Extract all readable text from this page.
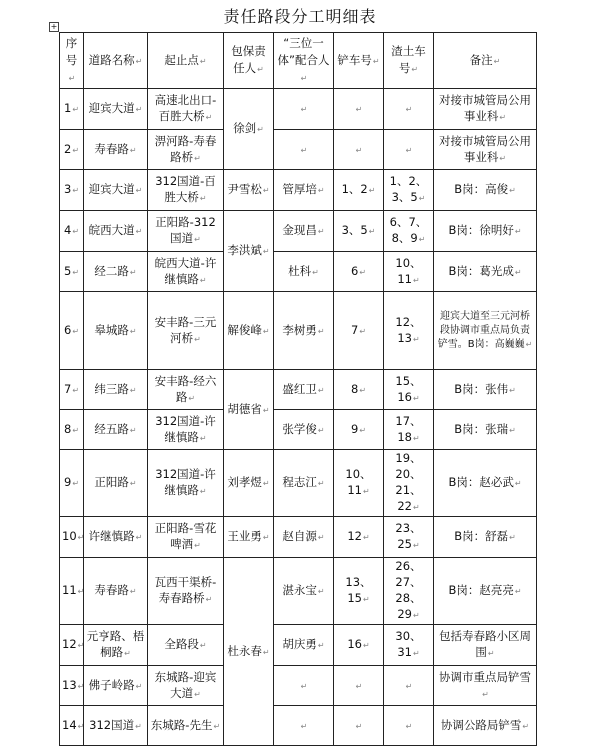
责任路段分工明细表
+
序号 ↵	道路名称 ↵	起止点 ↵	包保责任人 ↵	“三位一体”配合人 ↵	铲车号 ↵	渣土车号 ↵	备注 ↵
1 ↵	迎宾大道 ↵	高速北出口-百胜大桥 ↵	徐剑 ↵	↵	↵	↵	对接市城管局公用事业科 ↵
2 ↵	寿春路 ↵	淠河路-寿春路桥 ↵	↵	↵	↵		对接市城管局公用事业科 ↵
3 ↵	迎宾大道 ↵	312国道-百胜大桥 ↵	尹雪松 ↵	管厚培 ↵	1、2 ↵	1、2、3、5 ↵	B岗：高俊 ↵
4 ↵	皖西大道 ↵	正阳路-312国道 ↵	李洪斌 ↵	金现昌 ↵	3、5 ↵	6、7、8、9 ↵	B岗：徐明好 ↵
5 ↵	经二路 ↵	皖西大道-许继慎路 ↵		杜科 ↵	6 ↵	10、11 ↵	B岗：葛光成 ↵
6 ↵	皋城路 ↵	安丰路-三元河桥 ↵	解俊峰 ↵	李树勇 ↵	7 ↵	12、13 ↵	迎宾大道至三元河桥段协调市重点局负责铲雪。B岗：高巍巍 ↵
7 ↵	纬三路 ↵	安丰路-经六路 ↵	胡德省 ↵	盛红卫 ↵	8 ↵	15、16 ↵	B岗：张伟 ↵
8 ↵	经五路 ↵	312国道-许继慎路 ↵		张学俊 ↵	9 ↵	17、18 ↵	B岗：张瑞 ↵
9 ↵	正阳路 ↵	312国道-许继慎路 ↵	刘孝煜 ↵	程志江 ↵	10、11 ↵	19、20、21、22 ↵	B岗：赵必武 ↵
10 ↵	许继慎路 ↵	正阳路-雪花啤酒 ↵	王业勇 ↵	赵自源 ↵	12 ↵	23、25 ↵	B岗：舒磊 ↵
11 ↵	寿春路 ↵	瓦西干渠桥-寿春路桥 ↵	杜永春 ↵	湛永宝 ↵	13、15 ↵	26、27、28、29 ↵	B岗：赵亮亮 ↵
12 ↵	元亨路、梧桐路 ↵	全路段 ↵		胡庆勇 ↵	16 ↵	30、31 ↵	包括寿春路小区周围 ↵
13 ↵	佛子岭路 ↵	东城路-迎宾大道 ↵	↵	↵	↵		协调市重点局铲雪 ↵
14 ↵	312国道 ↵	东城路-先生 ↵	↵	↵	↵		协调公路局铲雪 ↵
